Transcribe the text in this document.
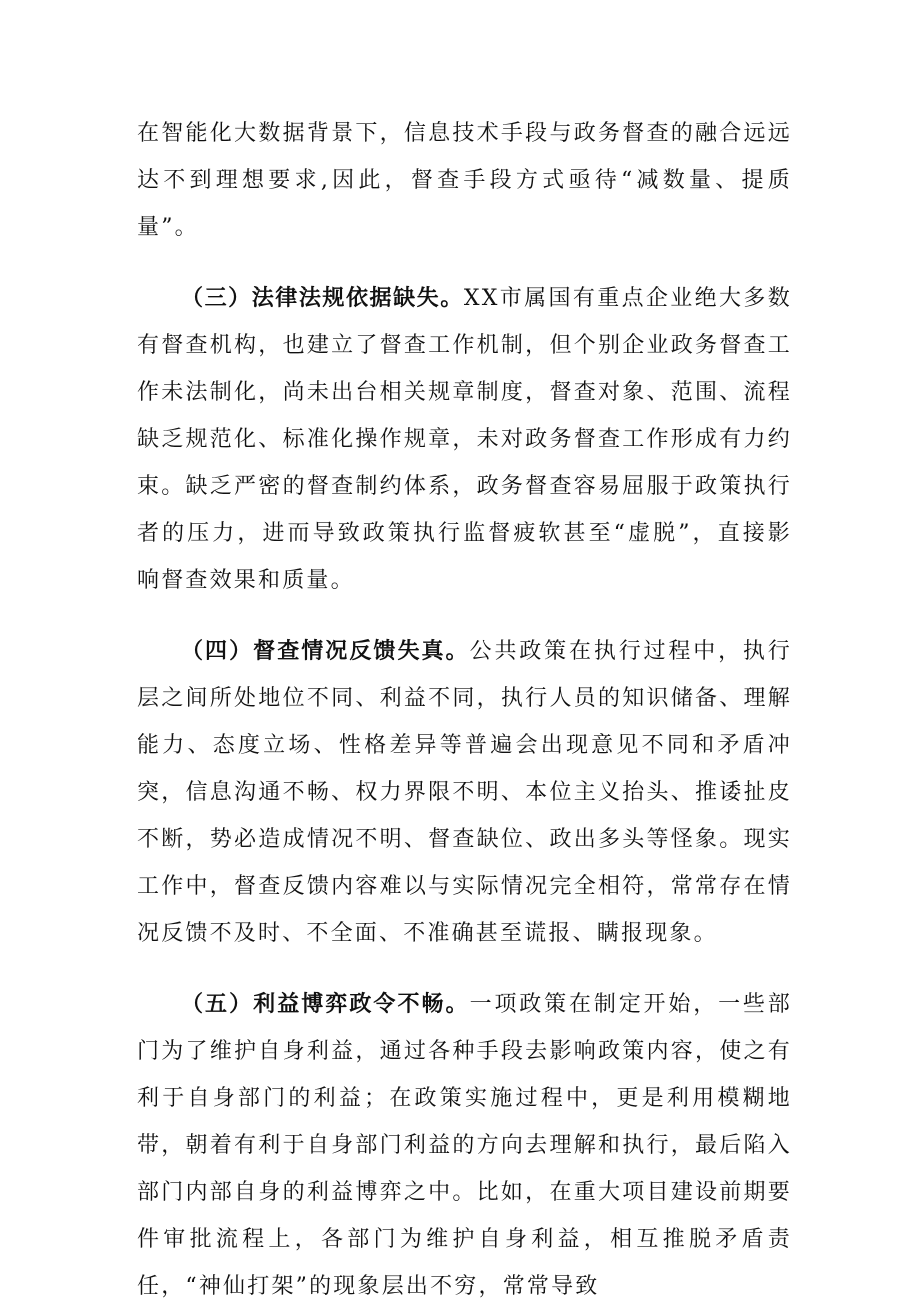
在智能化大数据背景下，信息技术手段与政务督查的融合远远达不到理想要求,因此，督查手段方式亟待“减数量、提质量”。

（三）法律法规依据缺失。XX市属国有重点企业绝大多数有督查机构，也建立了督查工作机制，但个别企业政务督查工作未法制化，尚未出台相关规章制度，督查对象、范围、流程缺乏规范化、标准化操作规章，未对政务督查工作形成有力约束。缺乏严密的督查制约体系，政务督查容易屈服于政策执行者的压力，进而导致政策执行监督疲软甚至“虚脱”，直接影响督查效果和质量。

（四）督查情况反馈失真。公共政策在执行过程中，执行层之间所处地位不同、利益不同，执行人员的知识储备、理解能力、态度立场、性格差异等普遍会出现意见不同和矛盾冲突，信息沟通不畅、权力界限不明、本位主义抬头、推诿扯皮不断，势必造成情况不明、督查缺位、政出多头等怪象。现实工作中，督查反馈内容难以与实际情况完全相符，常常存在情况反馈不及时、不全面、不准确甚至谎报、瞒报现象。

（五）利益博弈政令不畅。一项政策在制定开始，一些部门为了维护自身利益，通过各种手段去影响政策内容，使之有利于自身部门的利益；在政策实施过程中，更是利用模糊地带，朝着有利于自身部门利益的方向去理解和执行，最后陷入部门内部自身的利益博弈之中。比如，在重大项目建设前期要件审批流程上，各部门为维护自身利益，相互推脱矛盾责任，“神仙打架”的现象层出不穷，常常导致
